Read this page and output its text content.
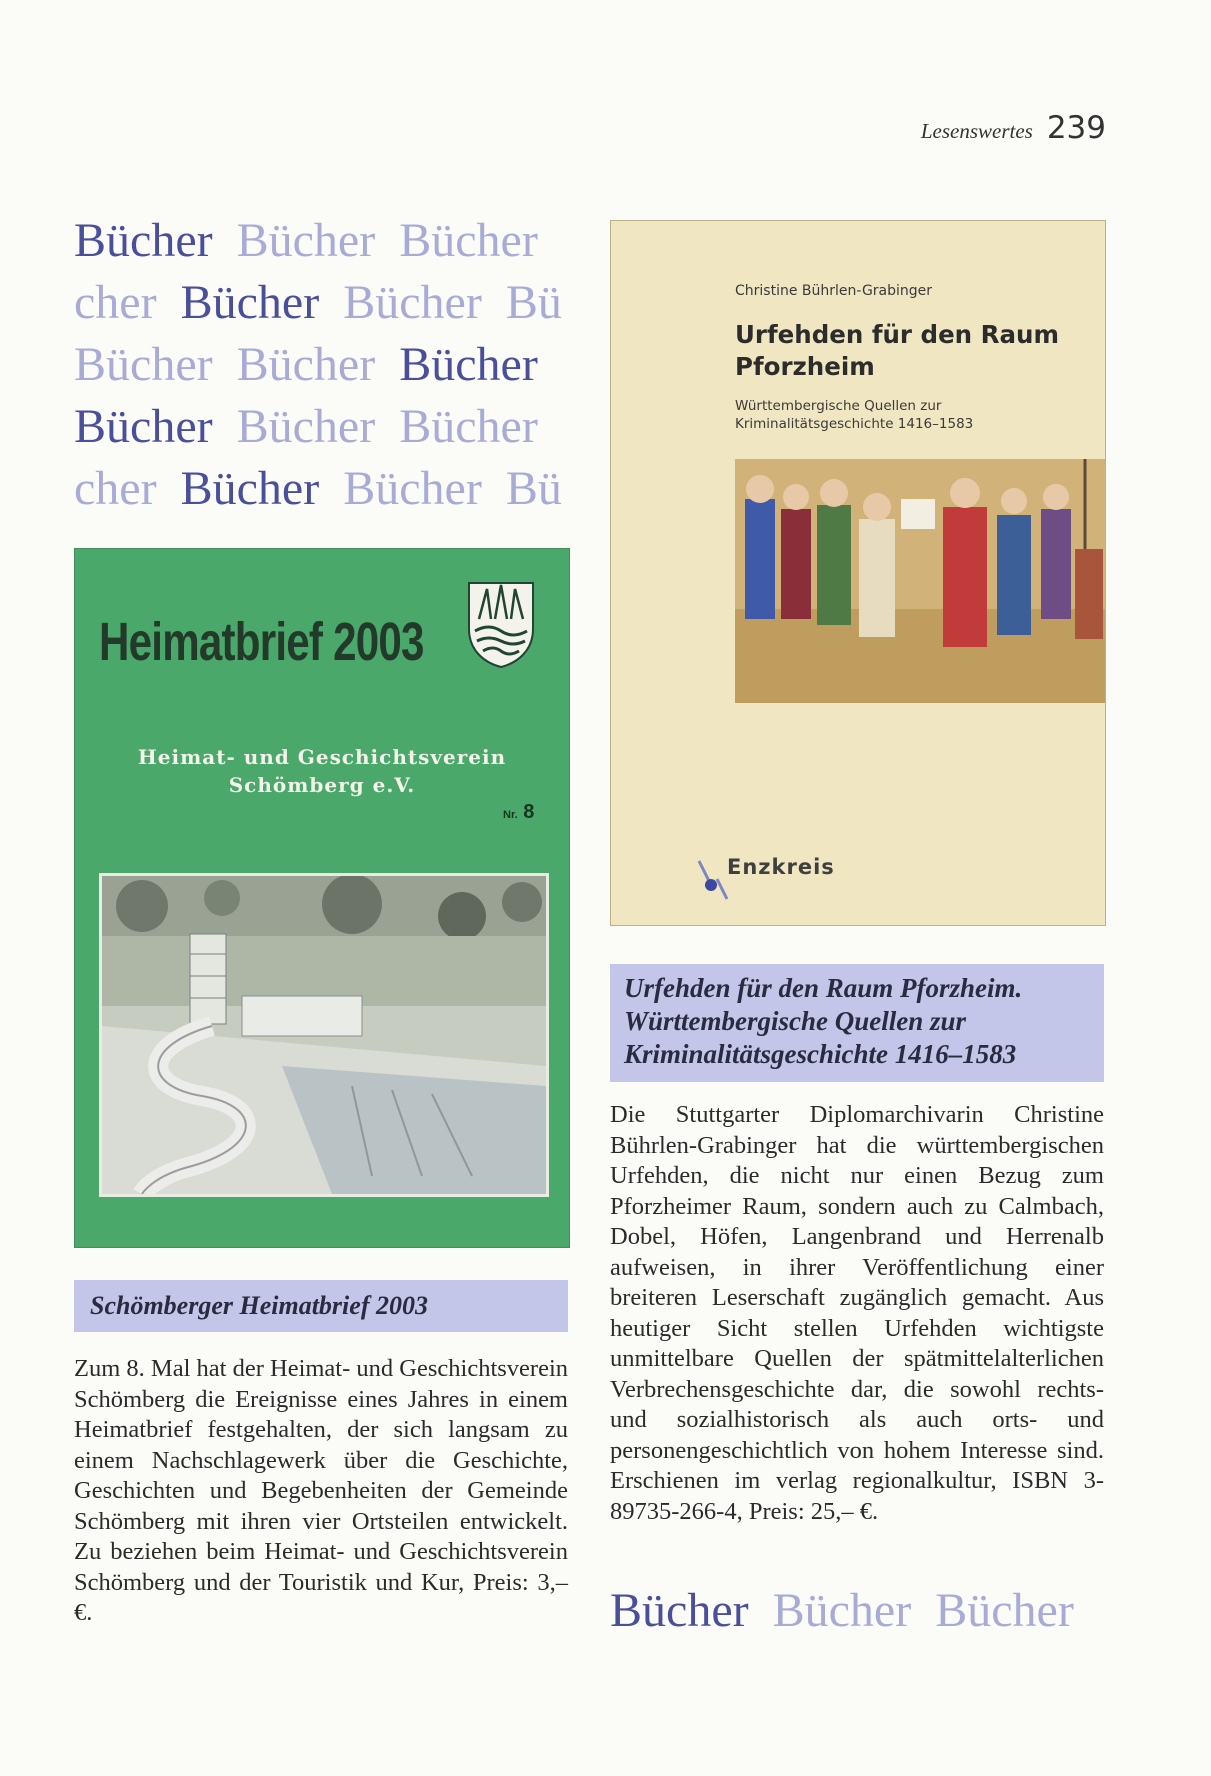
Lesenswertes 239
Bücher Bücher Bücher
cher Bücher Bücher Bü
Bücher Bücher Bücher
Bücher Bücher Bücher
cher Bücher Bücher Bü
Heimatbrief 2003
Heimat- und Geschichtsverein
Schömberg e.V.
Nr. 8
Schömberger Heimatbrief 2003
Zum 8. Mal hat der Heimat- und Geschichtsverein Schömberg die Ereignisse eines Jahres in einem Heimatbrief festgehalten, der sich langsam zu einem Nachschlagewerk über die Geschichte, Geschichten und Begebenheiten der Gemeinde Schömberg mit ihren vier Ortsteilen entwickelt. Zu beziehen beim Heimat- und Geschichtsverein Schömberg und der Touristik und Kur, Preis: 3,– €.
Christine Bührlen-Grabinger
Urfehden für den Raum Pforzheim
Württembergische Quellen zur Kriminalitätsgeschichte 1416–1583
Enzkreis
Urfehden für den Raum Pforzheim.
Württembergische Quellen zur
Kriminalitätsgeschichte 1416–1583
Die Stuttgarter Diplomarchivarin Christine Bührlen-Grabinger hat die württembergischen Urfehden, die nicht nur einen Bezug zum Pforzheimer Raum, sondern auch zu Calmbach, Dobel, Höfen, Langenbrand und Herrenalb aufweisen, in ihrer Veröffentlichung einer breiteren Leserschaft zugänglich gemacht. Aus heutiger Sicht stellen Urfehden wichtigste unmittelbare Quellen der spätmittelalterlichen Verbrechensgeschichte dar, die sowohl rechts- und sozialhistorisch als auch orts- und personengeschichtlich von hohem Interesse sind. Erschienen im verlag regionalkultur, ISBN 3-89735-266-4, Preis: 25,– €.
Bücher Bücher Bücher
